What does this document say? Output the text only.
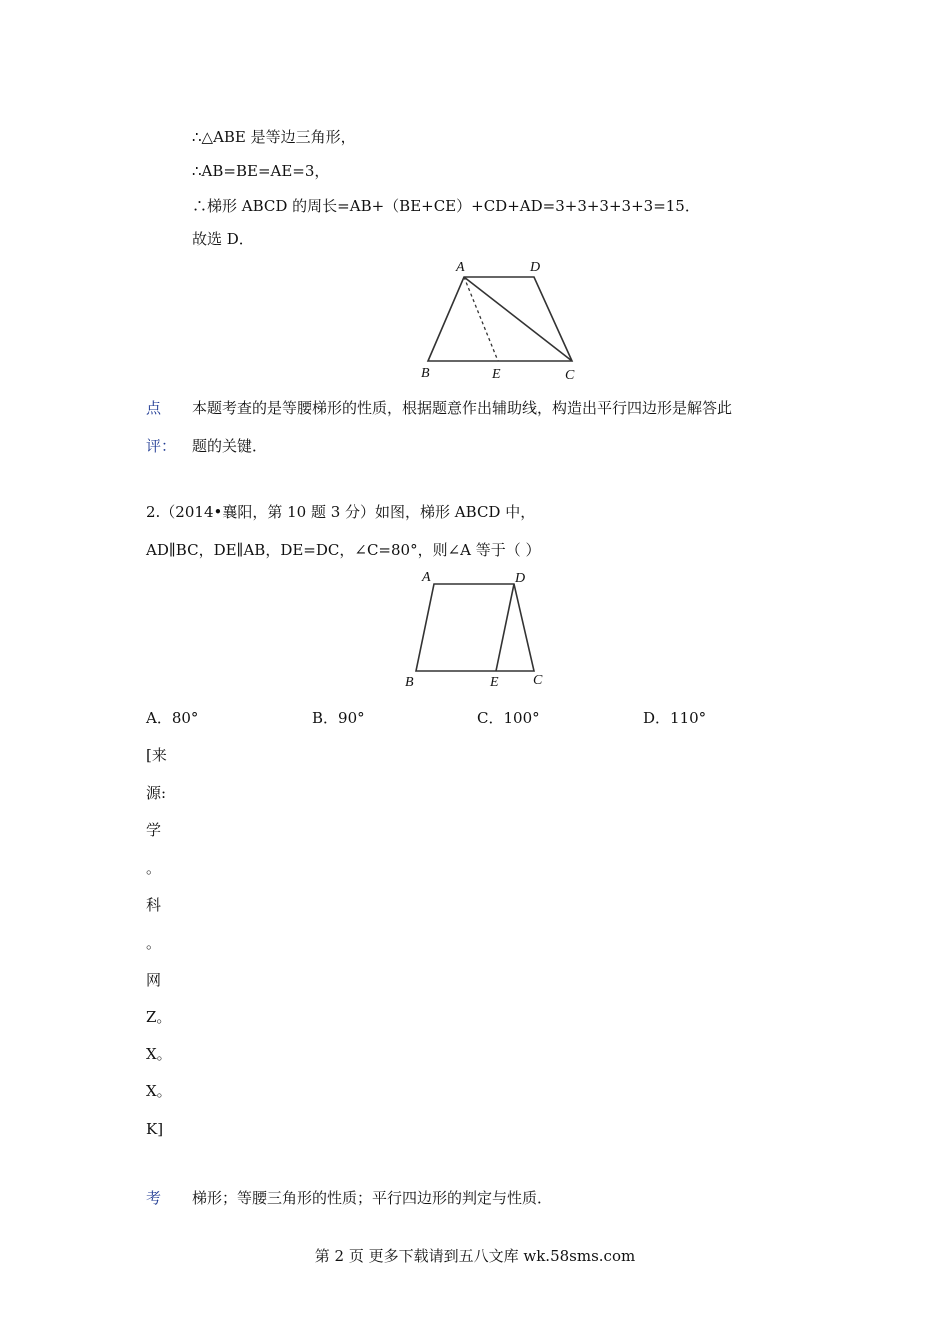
∴△ABE 是等边三角形，
∴AB=BE=AE=3，
∴梯形 ABCD 的周长=AB+（BE+CE）+CD+AD=3+3+3+3+3=15．
故选 D．
A	D
B	E	C
点 本题考查的是等腰梯形的性质，根据题意作出辅助线，构造出平行四边形是解答此
评： 题的关键．
2.（2014•襄阳，第 10 题 3 分）如图，梯形 ABCD 中，
AD∥BC，DE∥AB，DE=DC，∠C=80°，则∠A 等于（ ）
A	D
B	E C
A．80°	B．90°	C．100°	D．110°
[来
源:
学
。
科
。
网
Z。
X。
X。
K]
考 梯形；等腰三角形的性质；平行四边形的判定与性质．
第 2 页 更多下载请到五八文库 wk.58sms.com
